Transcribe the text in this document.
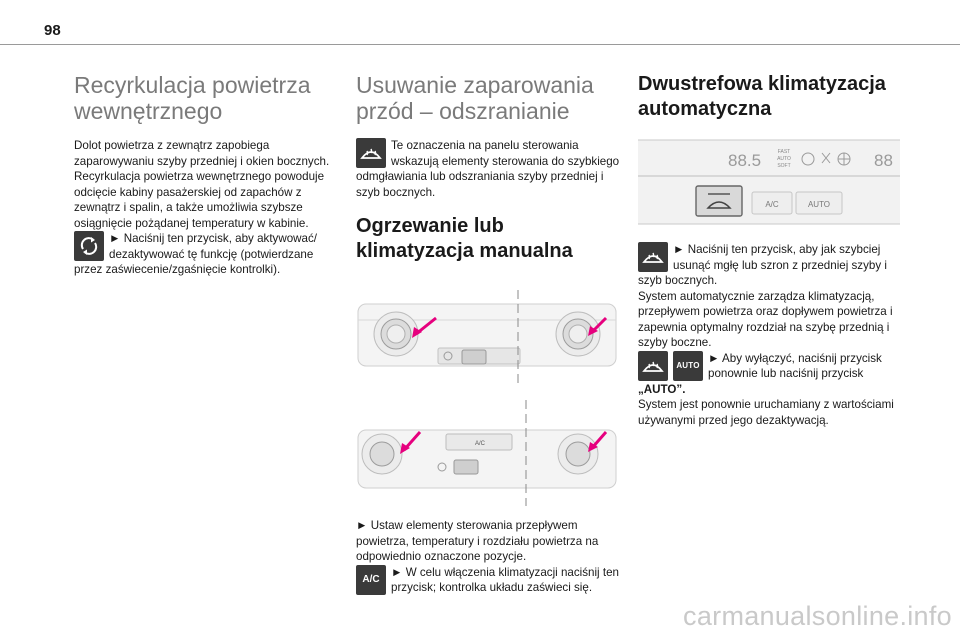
98
Recyrkulacja powietrza wewnętrznego

Dolot powietrza z zewnątrz zapobiega zaparowywaniu szyby przedniej i okien bocznych.

Recyrkulacja powietrza wewnętrznego powoduje odcięcie kabiny pasażerskiej od zapachów z zewnątrz i spalin, a także umożliwia szybsze osiągnięcie pożądanej temperatury w kabinie.

► Naciśnij ten przycisk, aby aktywować/ dezaktywować tę funkcję (potwierdzane przez zaświecenie/zgaśnięcie kontrolki).

Usuwanie zaparowania przód – odszranianie

Te oznaczenia na panelu sterowania wskazują elementy sterowania do szybkiego odmgławiania lub odszraniania szyby przedniej i szyb bocznych.

Ogrzewanie lub klimatyzacja manualna
A/C

► Ustaw elementy sterowania przepływem powietrza, temperatury i rozdziału powietrza na odpowiednio oznaczone pozycje.

A/C

► W celu włączenia klimatyzacji naciśnij ten przycisk; kontrolka układu zaświeci się.

Dwustrefowa klimatyzacja automatyczna
88.5	FAST
AUTO
SOFT	88
A/C	AUTO

► Naciśnij ten przycisk, aby jak szybciej usunąć mgłę lub szron z przedniej szyby i szyb bocznych.

System automatycznie zarządza klimatyzacją, przepływem powietrza oraz dopływem powietrza i zapewnia optymalny rozdział na szybę przednią i szyby boczne.

AUTO

► Aby wyłączyć, naciśnij przycisk ponownie lub naciśnij przycisk

„AUTO”.

System jest ponownie uruchamiany z wartościami używanymi przed jego dezaktywacją.

carmanualsonline.info
